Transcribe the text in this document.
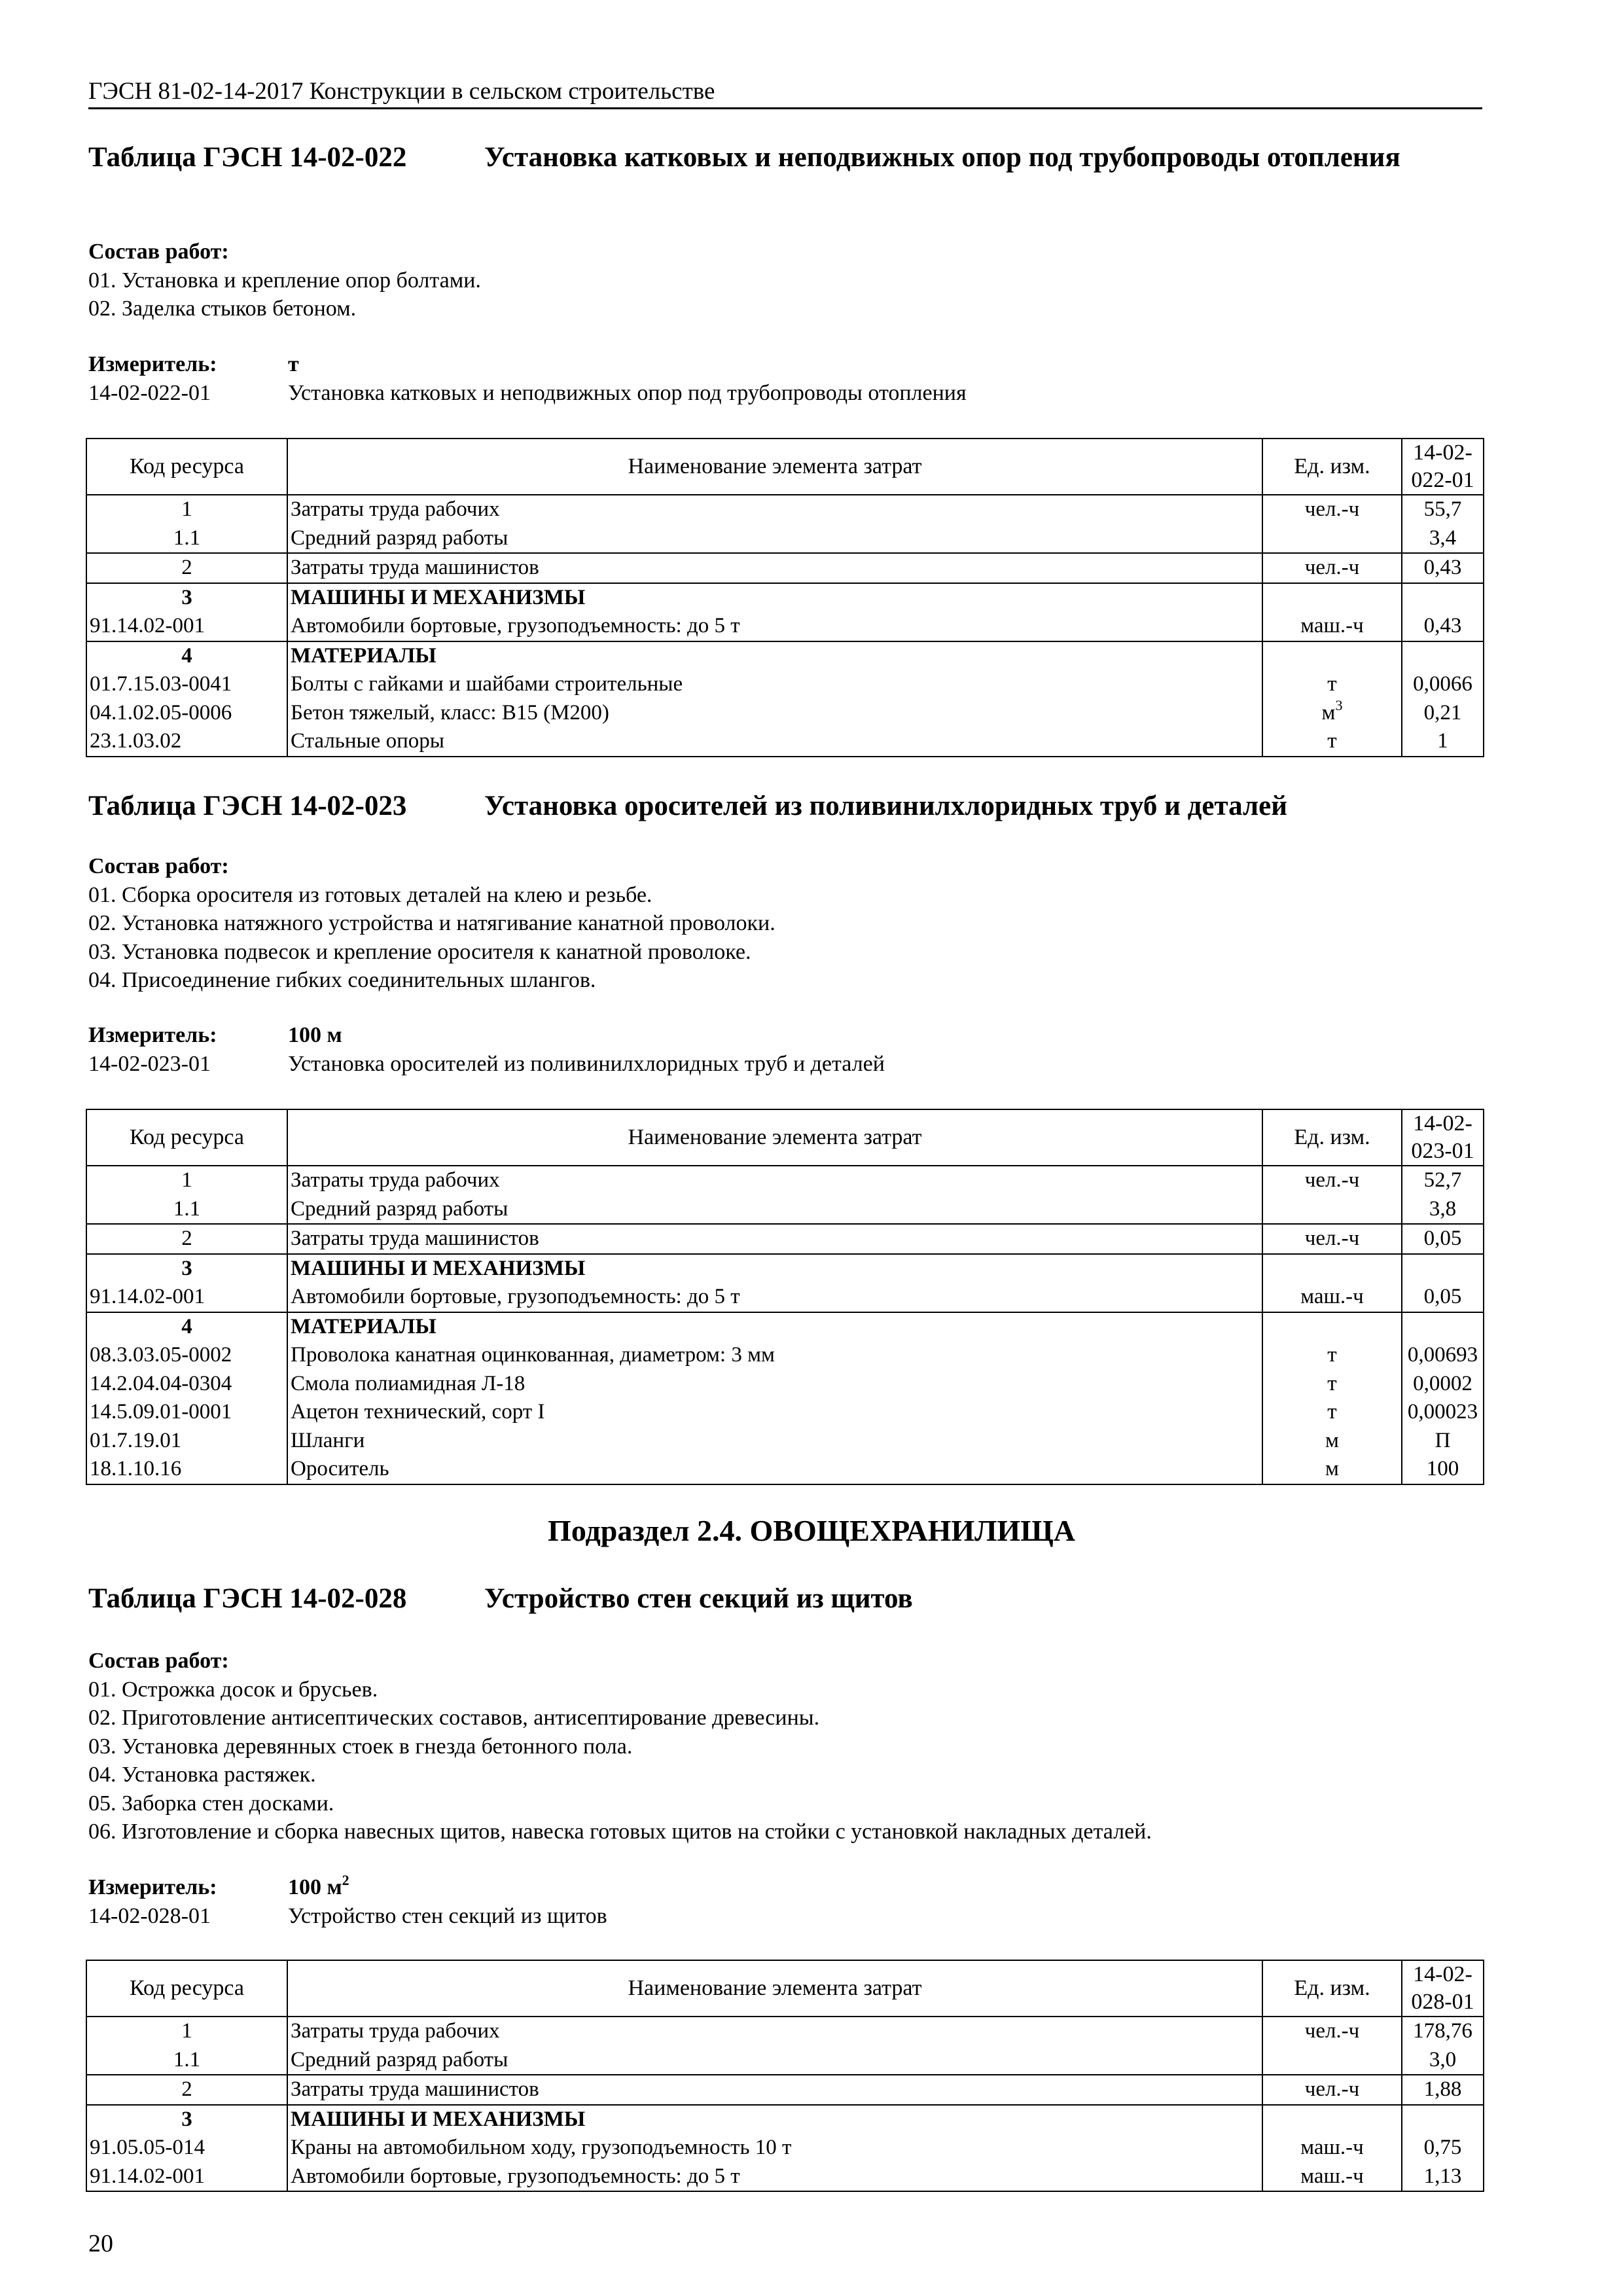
ГЭСН 81-02-14-2017 Конструкции в сельском строительстве
Таблица ГЭСН 14-02-022	Установка катковых и неподвижных опор под трубопроводы отопления
Состав работ:
01. Установка и крепление опор болтами.
02. Заделка стыков бетоном.
Измеритель:	т
14-02-022-01	Установка катковых и неподвижных опор под трубопроводы отопления
Код ресурса	Наименование элемента затрат	Ед. изм.	14-02-
022-01
1	Затраты труда рабочих	чел.-ч	55,7
1.1	Средний разряд работы		3,4
2	Затраты труда машинистов	чел.-ч	0,43
3	МАШИНЫ И МЕХАНИЗМЫ		
91.14.02-001	Автомобили бортовые, грузоподъемность: до 5 т	маш.-ч	0,43
4	МАТЕРИАЛЫ		
01.7.15.03-0041	Болты с гайками и шайбами строительные	т	0,0066
04.1.02.05-0006	Бетон тяжелый, класс: В15 (М200)	$м^3$	0,21
23.1.03.02	Стальные опоры	т	1
Таблица ГЭСН 14-02-023	Установка оросителей из поливинилхлоридных труб и деталей
Состав работ:
01. Сборка оросителя из готовых деталей на клею и резьбе.
02. Установка натяжного устройства и натягивание канатной проволоки.
03. Установка подвесок и крепление оросителя к канатной проволоке.
04. Присоединение гибких соединительных шлангов.
Измеритель:	100 м
14-02-023-01	Установка оросителей из поливинилхлоридных труб и деталей
Код ресурса	Наименование элемента затрат	Ед. изм.	14-02-
023-01
1	Затраты труда рабочих	чел.-ч	52,7
1.1	Средний разряд работы		3,8
2	Затраты труда машинистов	чел.-ч	0,05
3	МАШИНЫ И МЕХАНИЗМЫ		
91.14.02-001	Автомобили бортовые, грузоподъемность: до 5 т	маш.-ч	0,05
4	МАТЕРИАЛЫ		
08.3.03.05-0002	Проволока канатная оцинкованная, диаметром: 3 мм	т	0,00693
14.2.04.04-0304	Смола полиамидная Л-18	т	0,0002
14.5.09.01-0001	Ацетон технический, сорт I	т	0,00023
01.7.19.01	Шланги	м	П
18.1.10.16	Ороситель	м	100
Подраздел 2.4. ОВОЩЕХРАНИЛИЩА
Таблица ГЭСН 14-02-028	Устройство стен секций из щитов
Состав работ:
01. Острожка досок и брусьев.
02. Приготовление антисептических составов, антисептирование древесины.
03. Установка деревянных стоек в гнезда бетонного пола.
04. Установка растяжек.
05. Заборка стен досками.
06. Изготовление и сборка навесных щитов, навеска готовых щитов на стойки с установкой накладных деталей.
Измеритель:	100 $м^2$
14-02-028-01	Устройство стен секций из щитов
Код ресурса	Наименование элемента затрат	Ед. изм.	14-02-
028-01
1	Затраты труда рабочих	чел.-ч	178,76
1.1	Средний разряд работы		3,0
2	Затраты труда машинистов	чел.-ч	1,88
3	МАШИНЫ И МЕХАНИЗМЫ		
91.05.05-014	Краны на автомобильном ходу, грузоподъемность 10 т	маш.-ч	0,75
91.14.02-001	Автомобили бортовые, грузоподъемность: до 5 т	маш.-ч	1,13
20
